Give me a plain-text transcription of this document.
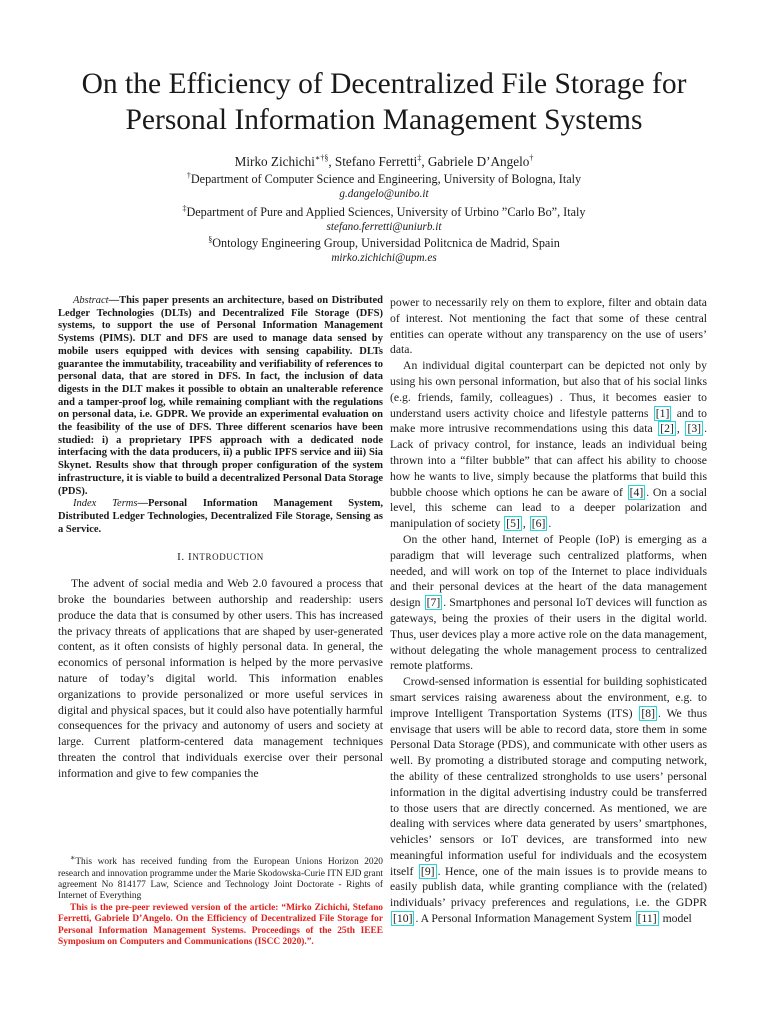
On the Efficiency of Decentralized File Storage for
Personal Information Management Systems
Mirko Zichichi∗†§, Stefano Ferretti‡, Gabriele D’Angelo†
†Department of Computer Science and Engineering, University of Bologna, Italy
g.dangelo@unibo.it
‡Department of Pure and Applied Sciences, University of Urbino ”Carlo Bo”, Italy
stefano.ferretti@uniurb.it
§Ontology Engineering Group, Universidad Politcnica de Madrid, Spain
mirko.zichichi@upm.es

Abstract—This paper presents an architecture, based on Distributed Ledger Technologies (DLTs) and Decentralized File Storage (DFS) systems, to support the use of Personal Information Management Systems (PIMS). DLT and DFS are used to manage data sensed by mobile users equipped with devices with sensing capability. DLTs guarantee the immutability, traceability and verifiability of references to personal data, that are stored in DFS. In fact, the inclusion of data digests in the DLT makes it possible to obtain an unalterable reference and a tamper-proof log, while remaining compliant with the regulations on personal data, i.e. GDPR. We provide an experimental evaluation on the feasibility of the use of DFS. Three different scenarios have been studied: i) a proprietary IPFS approach with a dedicated node interfacing with the data producers, ii) a public IPFS service and iii) Sia Skynet. Results show that through proper configuration of the system infrastructure, it is viable to build a decentralized Personal Data Storage (PDS).

Index Terms—Personal Information Management System, Distributed Ledger Technologies, Decentralized File Storage, Sensing as a Service.

I. INTRODUCTION

The advent of social media and Web 2.0 favoured a process that broke the boundaries between authorship and readership: users produce the data that is consumed by other users. This has increased the privacy threats of applications that are shaped by user-generated content, as it often consists of highly personal data. In general, the economics of personal information is helped by the more pervasive nature of today’s digital world. This information enables organizations to provide personalized or more useful services in digital and physical spaces, but it could also have potentially harmful consequences for the privacy and autonomy of users and society at large. Current platform-centered data management techniques threaten the control that individuals exercise over their personal information and give to few companies the

∗This work has received funding from the European Unions Horizon 2020 research and innovation programme under the Marie Skodowska-Curie ITN EJD grant agreement No 814177 Law, Science and Technology Joint Doctorate - Rights of Internet of Everything

This is the pre-peer reviewed version of the article: “Mirko Zichichi, Stefano Ferretti, Gabriele D’Angelo. On the Efficiency of Decentralized File Storage for Personal Information Management Systems. Proceedings of the 25th IEEE Symposium on Computers and Communications (ISCC 2020).”.

power to necessarily rely on them to explore, filter and obtain data of interest. Not mentioning the fact that some of these central entities can operate without any transparency on the use of users’ data.

An individual digital counterpart can be depicted not only by using his own personal information, but also that of his social links (e.g. friends, family, colleagues) . Thus, it becomes easier to understand users activity choice and lifestyle patterns [1] and to make more intrusive recommendations using this data [2] , [3] . Lack of privacy control, for instance, leads an individual being thrown into a “filter bubble” that can affect his ability to choose how he wants to live, simply because the platforms that build this bubble choose which options he can be aware of [4] . On a social level, this scheme can lead to a deeper polarization and manipulation of society [5] , [6] .

On the other hand, Internet of People (IoP) is emerging as a paradigm that will leverage such centralized platforms, when needed, and will work on top of the Internet to place individuals and their personal devices at the heart of the data management design [7] . Smartphones and personal IoT devices will function as gateways, being the proxies of their users in the digital world. Thus, user devices play a more active role on the data management, without delegating the whole management process to centralized remote platforms.

Crowd-sensed information is essential for building sophisticated smart services raising awareness about the environment, e.g. to improve Intelligent Transportation Systems (ITS) [8] . We thus envisage that users will be able to record data, store them in some Personal Data Storage (PDS), and communicate with other users as well. By promoting a distributed storage and computing network, the ability of these centralized strongholds to use users’ personal information in the digital advertising industry could be transferred to those users that are directly concerned. As mentioned, we are dealing with services where data generated by users’ smartphones, vehicles’ sensors or IoT devices, are transformed into new meaningful information useful for individuals and the ecosystem itself [9] . Hence, one of the main issues is to provide means to easily publish data, while granting compliance with the (related) individuals’ privacy preferences and regulations, i.e. the GDPR [10] . A Personal Information Management System [11] model
